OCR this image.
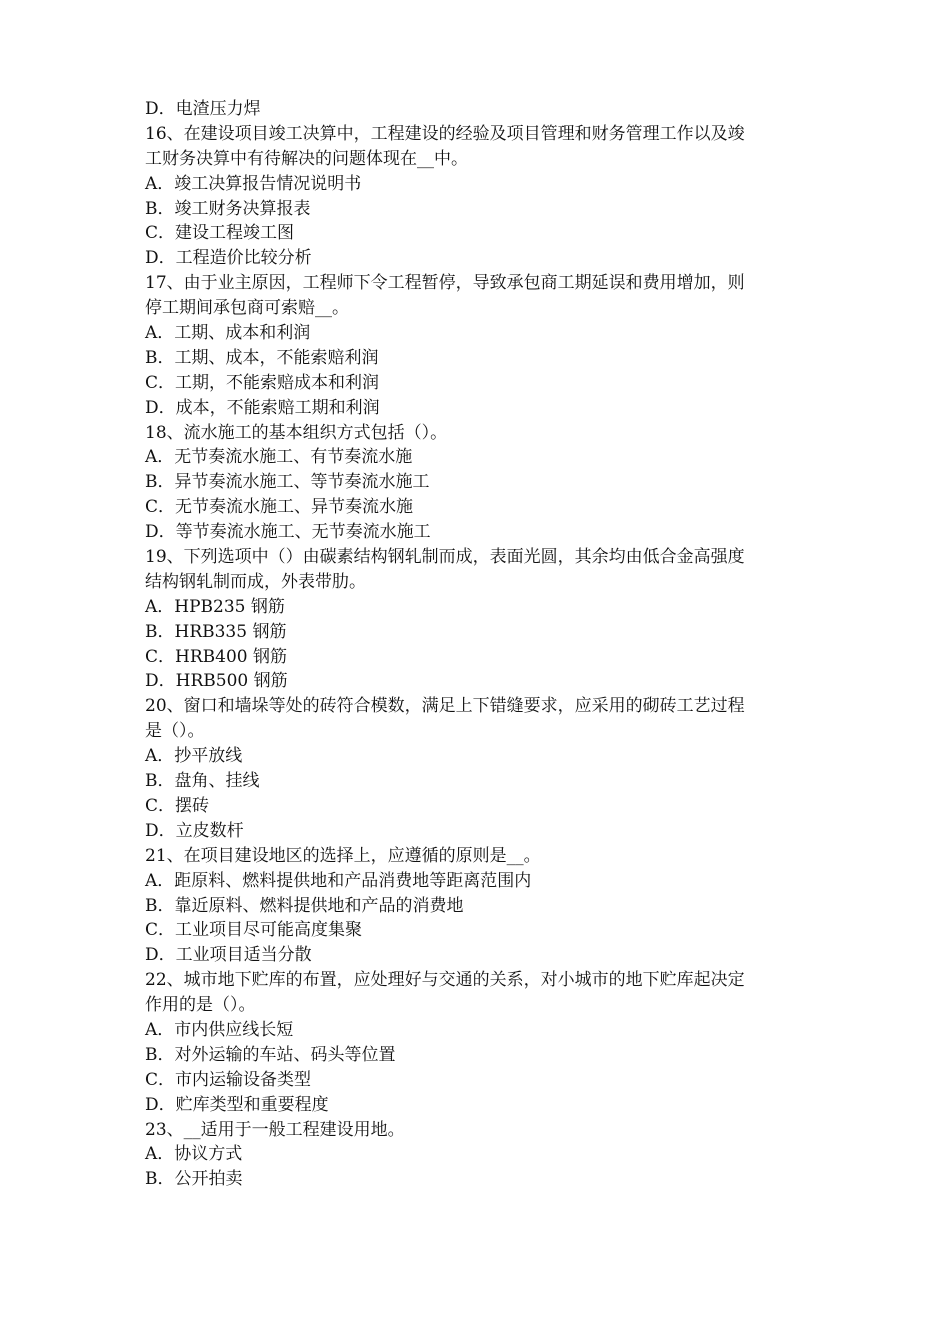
D．电渣压力焊
16、在建设项目竣工决算中，工程建设的经验及项目管理和财务管理工作以及竣
工财务决算中有待解决的问题体现在__中。
A．竣工决算报告情况说明书
B．竣工财务决算报表
C．建设工程竣工图
D．工程造价比较分析
17、由于业主原因，工程师下令工程暂停，导致承包商工期延误和费用增加，则
停工期间承包商可索赔__。
A．工期、成本和利润
B．工期、成本，不能索赔利润
C．工期，不能索赔成本和利润
D．成本，不能索赔工期和利润
18、流水施工的基本组织方式包括（）。
A．无节奏流水施工、有节奏流水施
B．异节奏流水施工、等节奏流水施工
C．无节奏流水施工、异节奏流水施
D．等节奏流水施工、无节奏流水施工
19、下列选项中（）由碳素结构钢轧制而成，表面光圆，其余均由低合金高强度
结构钢轧制而成，外表带肋。
A．HPB235 钢筋
B．HRB335 钢筋
C．HRB400 钢筋
D．HRB500 钢筋
20、窗口和墙垛等处的砖符合模数，满足上下错缝要求，应采用的砌砖工艺过程
是（）。
A．抄平放线
B．盘角、挂线
C．摆砖
D．立皮数杆
21、在项目建设地区的选择上，应遵循的原则是__。
A．距原料、燃料提供地和产品消费地等距离范围内
B．靠近原料、燃料提供地和产品的消费地
C．工业项目尽可能高度集聚
D．工业项目适当分散
22、城市地下贮库的布置，应处理好与交通的关系，对小城市的地下贮库起决定
作用的是（）。
A．市内供应线长短
B．对外运输的车站、码头等位置
C．市内运输设备类型
D．贮库类型和重要程度
23、__适用于一般工程建设用地。
A．协议方式
B．公开拍卖
